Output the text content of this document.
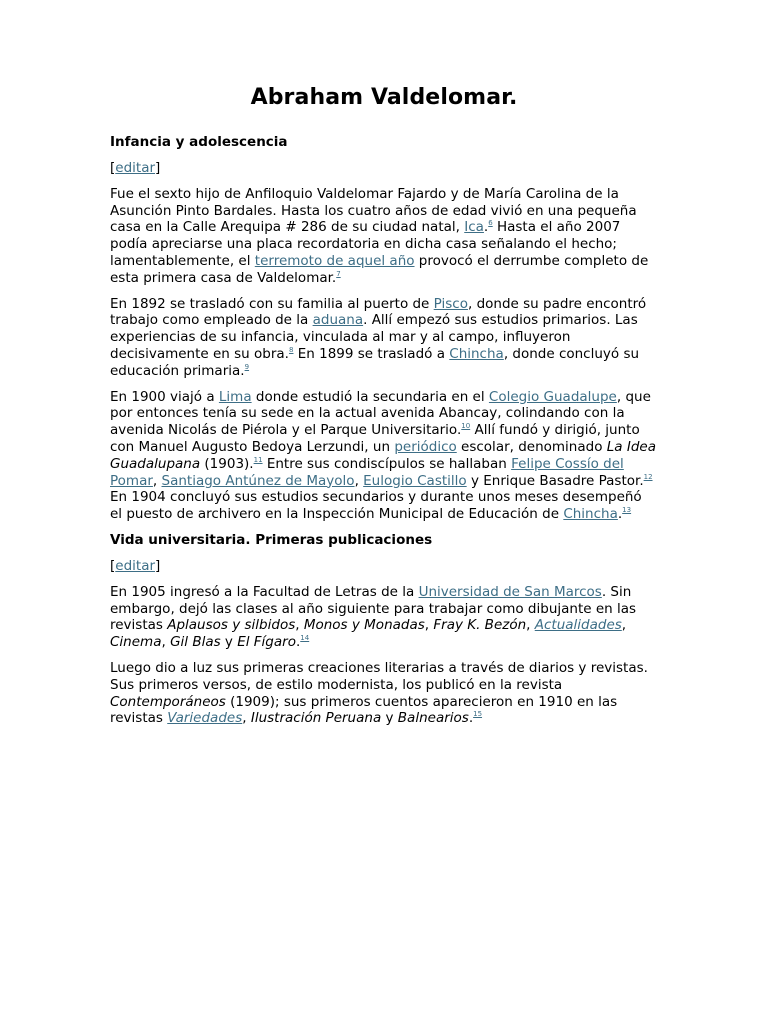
Abraham Valdelomar.
Infancia y adolescencia

[editar]

Fue el sexto hijo de Anfiloquio Valdelomar Fajardo y de María Carolina de la Asunción Pinto Bardales. Hasta los cuatro años de edad vivió en una pequeña casa en la Calle Arequipa # 286 de su ciudad natal, Ica.$^6$ Hasta el año 2007 podía apreciarse una placa recordatoria en dicha casa señalando el hecho; lamentablemente, el terremoto de aquel año provocó el derrumbe completo de esta primera casa de Valdelomar.$^7$

En 1892 se trasladó con su familia al puerto de Pisco, donde su padre encontró trabajo como empleado de la aduana. Allí empezó sus estudios primarios. Las experiencias de su infancia, vinculada al mar y al campo, influyeron decisivamente en su obra.$^8$ En 1899 se trasladó a Chincha, donde concluyó su educación primaria.$^9$

En 1900 viajó a Lima donde estudió la secundaria en el Colegio Guadalupe, que por entonces tenía su sede en la actual avenida Abancay, colindando con la avenida Nicolás de Piérola y el Parque Universitario.$^{10}$ Allí fundó y dirigió, junto con Manuel Augusto Bedoya Lerzundi, un periódico escolar, denominado La Idea Guadalupana (1903).$^{11}$ Entre sus condiscípulos se hallaban Felipe Cossío del Pomar, Santiago Antúnez de Mayolo, Eulogio Castillo y Enrique Basadre Pastor.$^{12}$ En 1904 concluyó sus estudios secundarios y durante unos meses desempeñó el puesto de archivero en la Inspección Municipal de Educación de Chincha.$^{13}$

Vida universitaria. Primeras publicaciones

[editar]

En 1905 ingresó a la Facultad de Letras de la Universidad de San Marcos. Sin embargo, dejó las clases al año siguiente para trabajar como dibujante en las revistas Aplausos y silbidos, Monos y Monadas, Fray K. Bezón, Actualidades, Cinema, Gil Blas y El Fígaro.$^{14}$

Luego dio a luz sus primeras creaciones literarias a través de diarios y revistas. Sus primeros versos, de estilo modernista, los publicó en la revista Contemporáneos (1909); sus primeros cuentos aparecieron en 1910 en las revistas Variedades, Ilustración Peruana y Balnearios.$^{15}$
